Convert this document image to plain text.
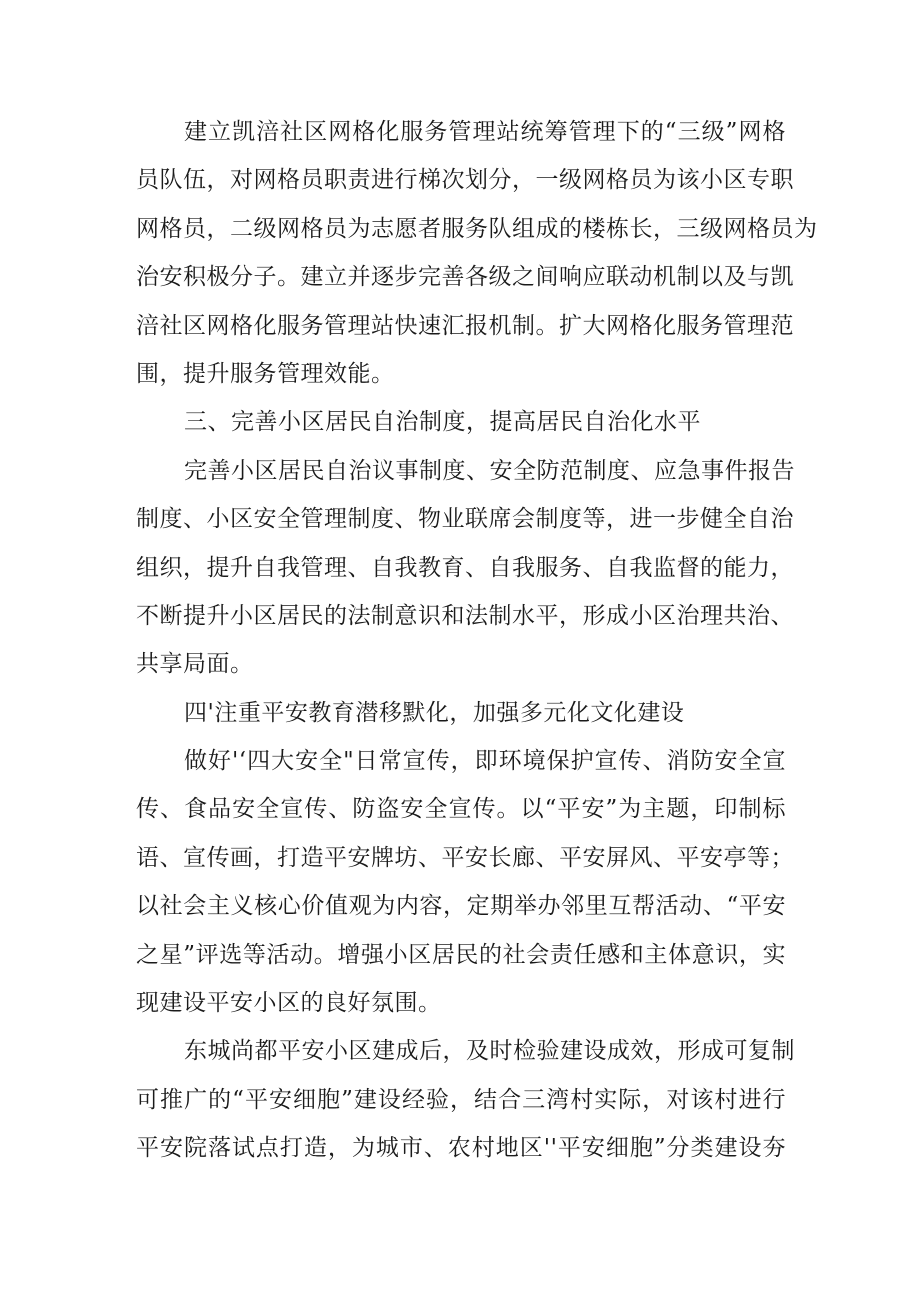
建立凯涪社区网格化服务管理站统筹管理下的“三级”网格
员队伍，对网格员职责进行梯次划分，一级网格员为该小区专职
网格员，二级网格员为志愿者服务队组成的楼栋长，三级网格员为
治安积极分子。建立并逐步完善各级之间响应联动机制以及与凯
涪社区网格化服务管理站快速汇报机制。扩大网格化服务管理范
围，提升服务管理效能。
三、完善小区居民自治制度，提高居民自治化水平
完善小区居民自治议事制度、安全防范制度、应急事件报告
制度、小区安全管理制度、物业联席会制度等，进一步健全自治
组织，提升自我管理、自我教育、自我服务、自我监督的能力，
不断提升小区居民的法制意识和法制水平，形成小区治理共治、
共享局面。
四'注重平安教育潜移默化，加强多元化文化建设
做好'‘四大安全"日常宣传，即环境保护宣传、消防安全宣
传、食品安全宣传、防盗安全宣传。以“平安”为主题，印制标
语、宣传画，打造平安牌坊、平安长廊、平安屏风、平安亭等；
以社会主义核心价值观为内容，定期举办邻里互帮活动、“平安
之星”评选等活动。增强小区居民的社会责任感和主体意识，实
现建设平安小区的良好氛围。
东城尚都平安小区建成后，及时检验建设成效，形成可复制
可推广的“平安细胞”建设经验，结合三湾村实际，对该村进行
平安院落试点打造，为城市、农村地区''平安细胞”分类建设夯
